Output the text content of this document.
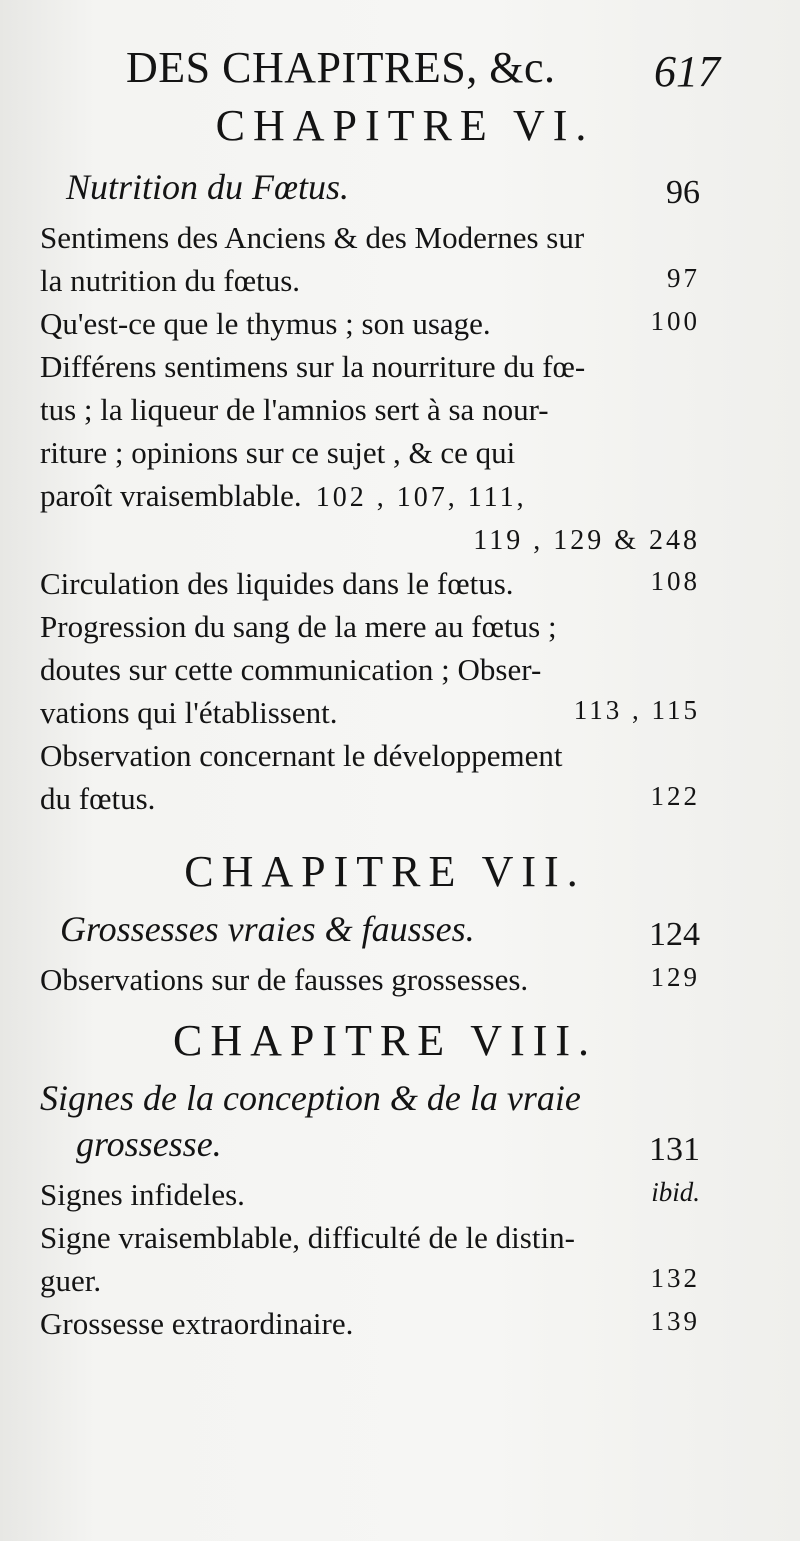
DES CHAPITRES, &c. 617
CHAPITRE VI.
Nutrition du Fœtus.	96
Sentimens des Anciens & des Modernes sur
la nutrition du fœtus.	97
Qu'est-ce que le thymus ; son usage.	100
Différens sentimens sur la nourriture du fœ-
tus ; la liqueur de l'amnios sert à sa nour-
riture ; opinions sur ce sujet , & ce qui
paroît vraisemblable. 102 , 107, 111,
119 , 129 & 248
Circulation des liquides dans le fœtus.	108
Progression du sang de la mere au fœtus ;
doutes sur cette communication ; Obser-
vations qui l'établissent.	113 , 115
Observation concernant le développement
du fœtus.	122
CHAPITRE VII.
Grossesses vraies & fausses.	124
Observations sur de fausses grossesses.	129
CHAPITRE VIII.
Signes de la conception & de la vraie
grossesse.	131
Signes infideles.	ibid.
Signe vraisemblable, difficulté de le distin-
guer.	132
Grossesse extraordinaire.	139
